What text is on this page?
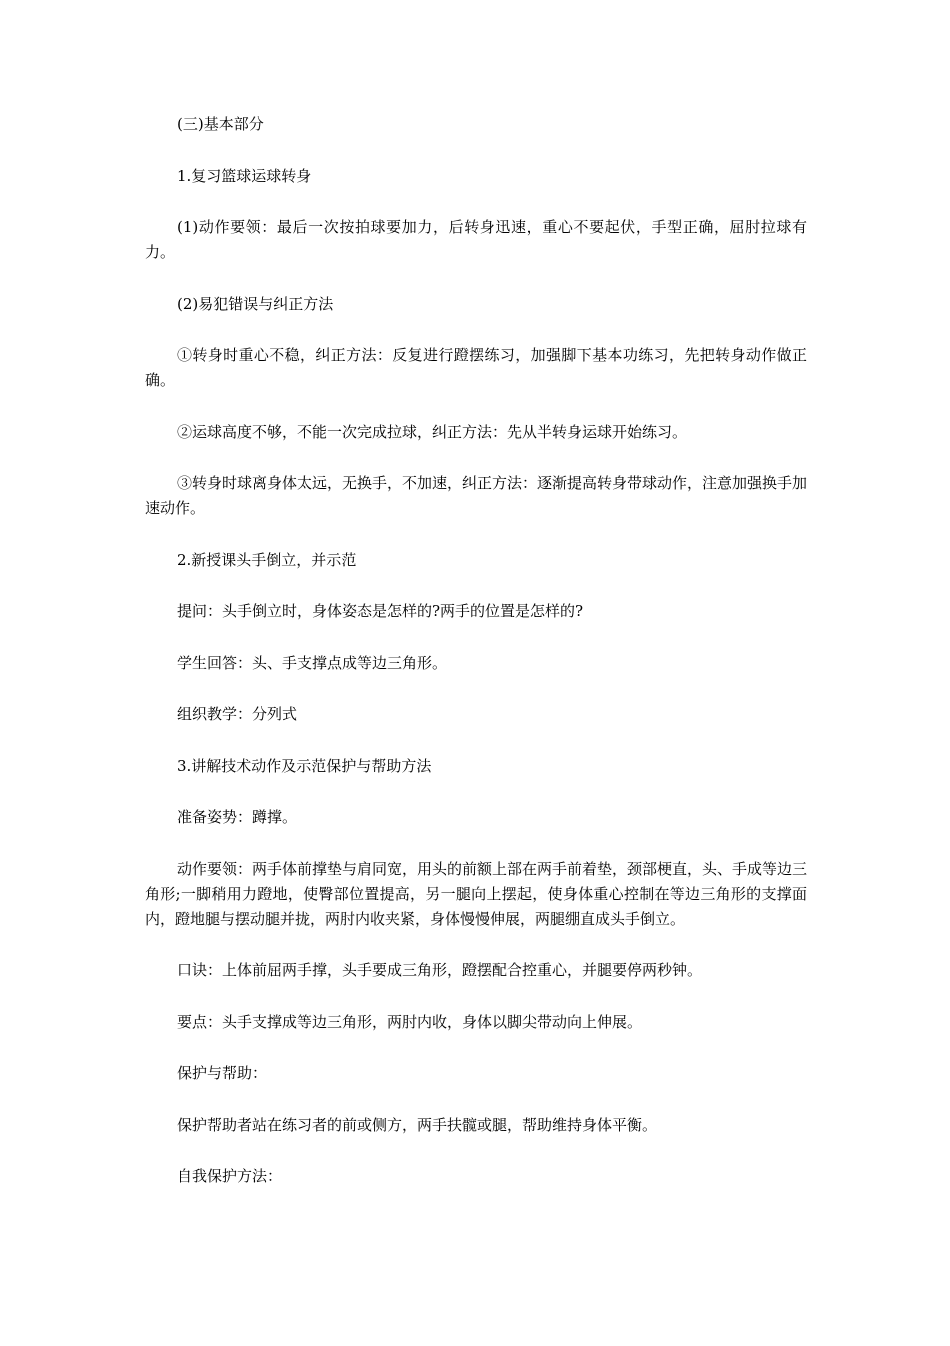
(三)基本部分

1.复习篮球运球转身

(1)动作要领：最后一次按拍球要加力，后转身迅速，重心不要起伏，手型正确，屈肘拉球有力。

(2)易犯错误与纠正方法

①转身时重心不稳，纠正方法：反复进行蹬摆练习，加强脚下基本功练习，先把转身动作做正确。

②运球高度不够，不能一次完成拉球，纠正方法：先从半转身运球开始练习。

③转身时球离身体太远，无换手，不加速，纠正方法：逐渐提高转身带球动作，注意加强换手加速动作。

2.新授课头手倒立，并示范

提问：头手倒立时，身体姿态是怎样的?两手的位置是怎样的?

学生回答：头、手支撑点成等边三角形。

组织教学：分列式

3.讲解技术动作及示范保护与帮助方法

准备姿势：蹲撑。

动作要领：两手体前撑垫与肩同宽，用头的前额上部在两手前着垫，颈部梗直，头、手成等边三角形;一脚稍用力蹬地，使臀部位置提高，另一腿向上摆起，使身体重心控制在等边三角形的支撑面内，蹬地腿与摆动腿并拢，两肘内收夹紧，身体慢慢伸展，两腿绷直成头手倒立。

口诀：上体前屈两手撑，头手要成三角形，蹬摆配合控重心，并腿要停两秒钟。

要点：头手支撑成等边三角形，两肘内收，身体以脚尖带动向上伸展。

保护与帮助：

保护帮助者站在练习者的前或侧方，两手扶髋或腿，帮助维持身体平衡。

自我保护方法：
